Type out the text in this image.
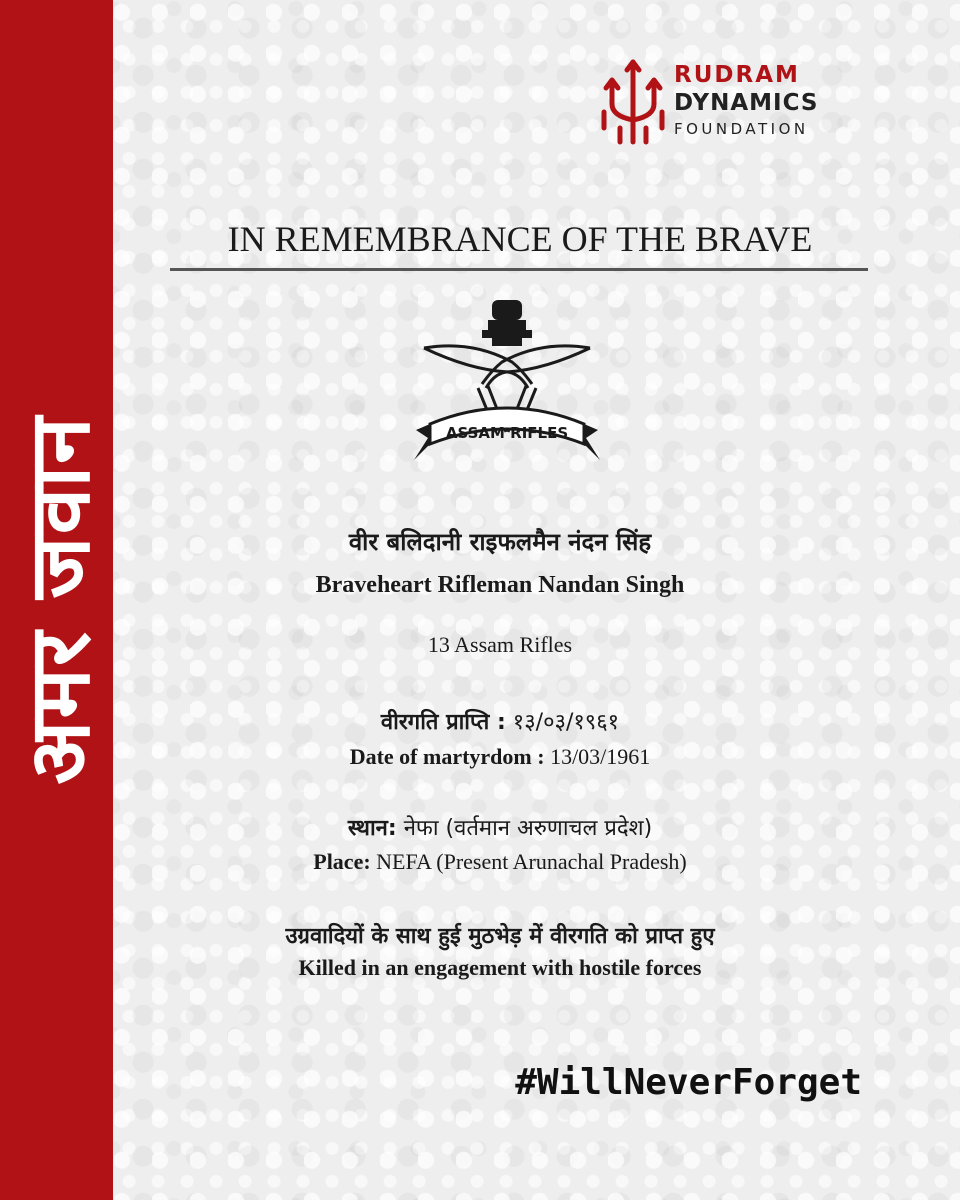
अमर जवान
RUDRAM
DYNAMICS
FOUNDATION
IN REMEMBRANCE OF THE BRAVE
ASSAM RIFLES
वीर बलिदानी राइफलमैन नंदन सिंह
Braveheart Rifleman Nandan Singh
13 Assam Rifles
वीरगति प्राप्ति : १३/०३/१९६१
Date of martyrdom : 13/03/1961
स्थान: नेफा (वर्तमान अरुणाचल प्रदेश)
Place: NEFA (Present Arunachal Pradesh)
उग्रवादियों के साथ हुई मुठभेड़ में वीरगति को प्राप्त हुए
Killed in an engagement with hostile forces
#WillNeverForget
